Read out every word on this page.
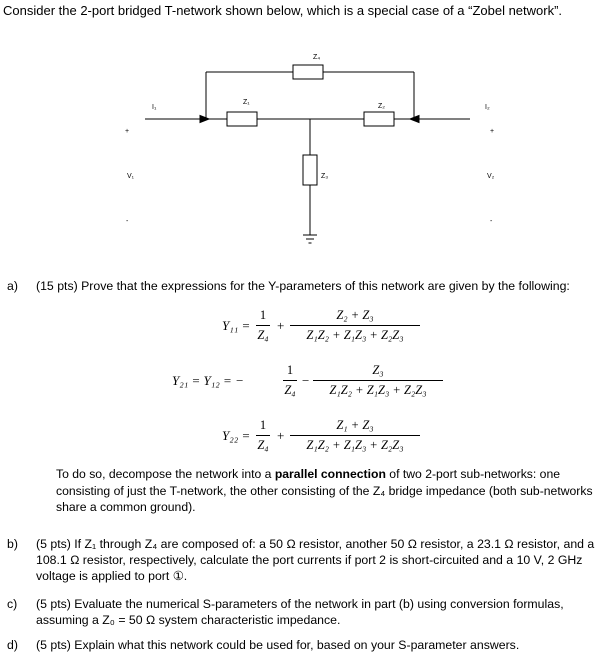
Consider the 2-port bridged T-network shown below, which is a special case of a “Zobel network”.
Z₄
Z₁
Z₂
Z₃
I₁	I₂
V₁	V₂
+	+
-	-
a) (15 pts) Prove that the expressions for the Y-parameters of this network are given by the following:
Y₁₁ =
1
Z₄
+
Z₂ + Z₃
Z₁Z₂ + Z₁Z₃ + Z₂Z₃
Y₂₁ = Y₁₂ = −
1
Z₄
−
Z₃
Z₁Z₂ + Z₁Z₃ + Z₂Z₃
Y₂₂ =
1
Z₄
+
Z₁ + Z₃
Z₁Z₂ + Z₁Z₃ + Z₂Z₃
To do so, decompose the network into a parallel connection of two 2-port sub-networks: one consisting of just the T-network, the other consisting of the Z₄ bridge impedance (both sub-networks share a common ground).
b) (5 pts) If Z₁ through Z₄ are composed of: a 50 Ω resistor, another 50 Ω resistor, a 23.1 Ω resistor, and a 108.1 Ω resistor, respectively, calculate the port currents if port 2 is short-circuited and a 10 V, 2 GHz voltage is applied to port ①.
c) (5 pts) Evaluate the numerical S-parameters of the network in part (b) using conversion formulas, assuming a Z₀ = 50 Ω system characteristic impedance.
d) (5 pts) Explain what this network could be used for, based on your S-parameter answers.
